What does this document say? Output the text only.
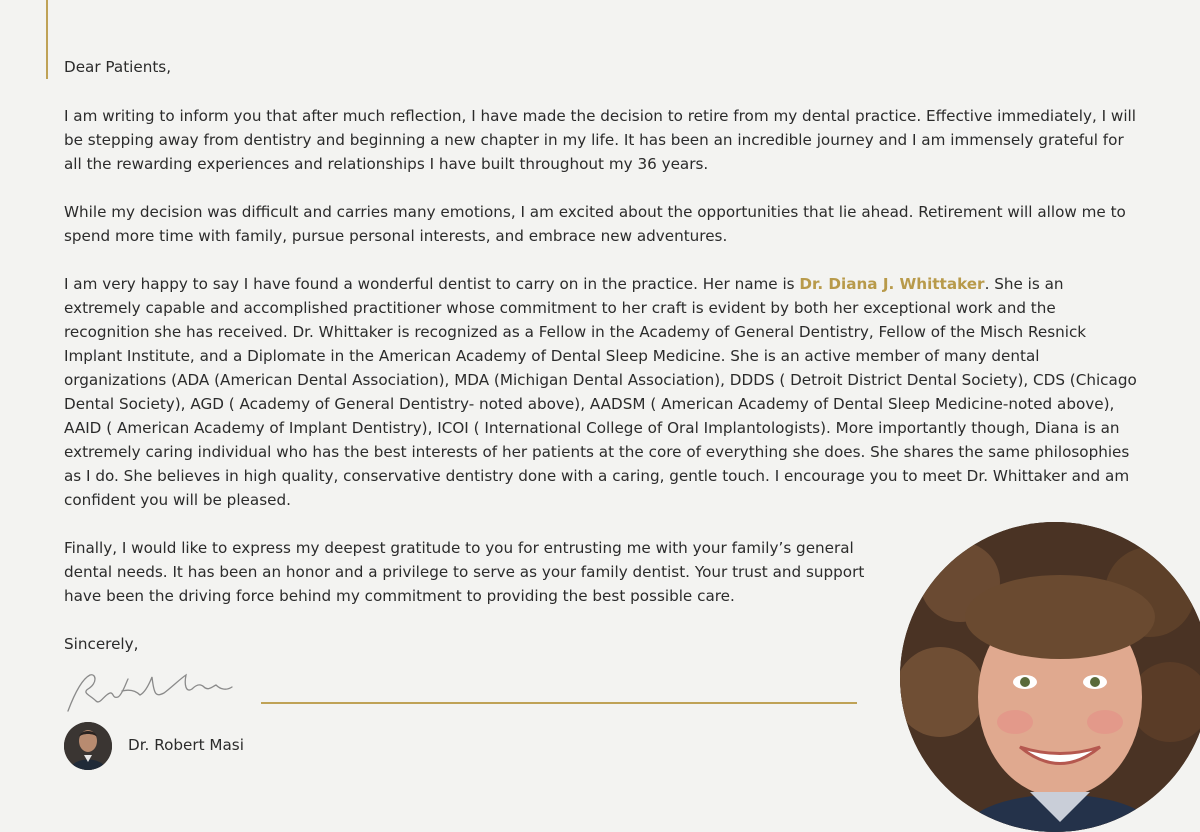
Dear Patients,

I am writing to inform you that after much reflection, I have made the decision to retire from my dental practice. Effective immediately, I will be stepping away from dentistry and beginning a new chapter in my life. It has been an incredible journey and I am immensely grateful for all the rewarding experiences and relationships I have built throughout my 36 years.

While my decision was difficult and carries many emotions, I am excited about the opportunities that lie ahead. Retirement will allow me to spend more time with family, pursue personal interests, and embrace new adventures.

I am very happy to say I have found a wonderful dentist to carry on in the practice. Her name is Dr. Diana J. Whittaker. She is an extremely capable and accomplished practitioner whose commitment to her craft is evident by both her exceptional work and the recognition she has received. Dr. Whittaker is recognized as a Fellow in the Academy of General Dentistry, Fellow of the Misch Resnick Implant Institute, and a Diplomate in the American Academy of Dental Sleep Medicine. She is an active member of many dental organizations (ADA (American Dental Association), MDA (Michigan Dental Association), DDDS ( Detroit District Dental Society), CDS (Chicago Dental Society), AGD ( Academy of General Dentistry- noted above), AADSM ( American Academy of Dental Sleep Medicine-noted above), AAID ( American Academy of Implant Dentistry), ICOI ( International College of Oral Implantologists). More importantly though, Diana is an extremely caring individual who has the best interests of her patients at the core of everything she does. She shares the same philosophies as I do. She believes in high quality, conservative dentistry done with a caring, gentle touch. I encourage you to meet Dr. Whittaker and am confident you will be pleased.

Finally, I would like to express my deepest gratitude to you for entrusting me with your family’s general dental needs. It has been an honor and a privilege to serve as your family dentist. Your trust and support have been the driving force behind my commitment to providing the best possible care.

Sincerely,

Dr. Robert Masi
